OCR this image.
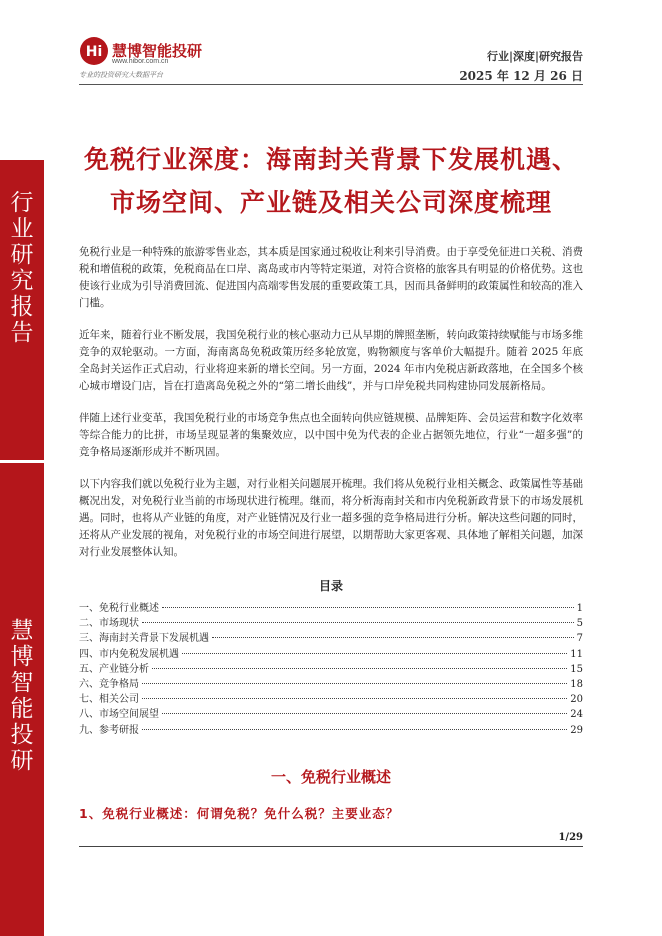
行
业
研
究
报
告
慧
博
智
能
投
研
Hi 慧博智能投研
www.hibor.com.cn
专业的投资研究大数据平台
行业|深度|研究报告
2025 年 12 月 26 日
免税行业深度：海南封关背景下发展机遇、
市场空间、产业链及相关公司深度梳理

免税行业是一种特殊的旅游零售业态，其本质是国家通过税收让利来引导消费。由于享受免征进口关税、消费税和增值税的政策，免税商品在口岸、离岛或市内等特定渠道，对符合资格的旅客具有明显的价格优势。这也使该行业成为引导消费回流、促进国内高端零售发展的重要政策工具，因而具备鲜明的政策属性和较高的准入门槛。

近年来，随着行业不断发展，我国免税行业的核心驱动力已从早期的牌照垄断，转向政策持续赋能与市场多维竞争的双轮驱动。一方面，海南离岛免税政策历经多轮放宽，购物额度与客单价大幅提升。随着 2025 年底全岛封关运作正式启动，行业将迎来新的增长空间。另一方面，2024 年市内免税店新政落地，在全国多个核心城市增设门店，旨在打造离岛免税之外的“第二增长曲线”，并与口岸免税共同构建协同发展新格局。

伴随上述行业变革，我国免税行业的市场竞争焦点也全面转向供应链规模、品牌矩阵、会员运营和数字化效率等综合能力的比拼，市场呈现显著的集聚效应，以中国中免为代表的企业占据领先地位，行业“一超多强”的竞争格局逐渐形成并不断巩固。

以下内容我们就以免税行业为主题，对行业相关问题展开梳理。我们将从免税行业相关概念、政策属性等基础概况出发，对免税行业当前的市场现状进行梳理。继而，将分析海南封关和市内免税新政背景下的市场发展机遇。同时，也将从产业链的角度，对产业链情况及行业一超多强的竞争格局进行分析。解决这些问题的同时，还将从产业发展的视角，对免税行业的市场空间进行展望，以期帮助大家更客观、具体地了解相关问题，加深对行业发展整体认知。

目录
一、免税行业概述	1
二、市场现状	5
三、海南封关背景下发展机遇	7
四、市内免税发展机遇	11
五、产业链分析	15
六、竞争格局	18
七、相关公司	20
八、市场空间展望	24
九、参考研报	29
一、免税行业概述
1、免税行业概述：何谓免税？免什么税？主要业态？
1/29
